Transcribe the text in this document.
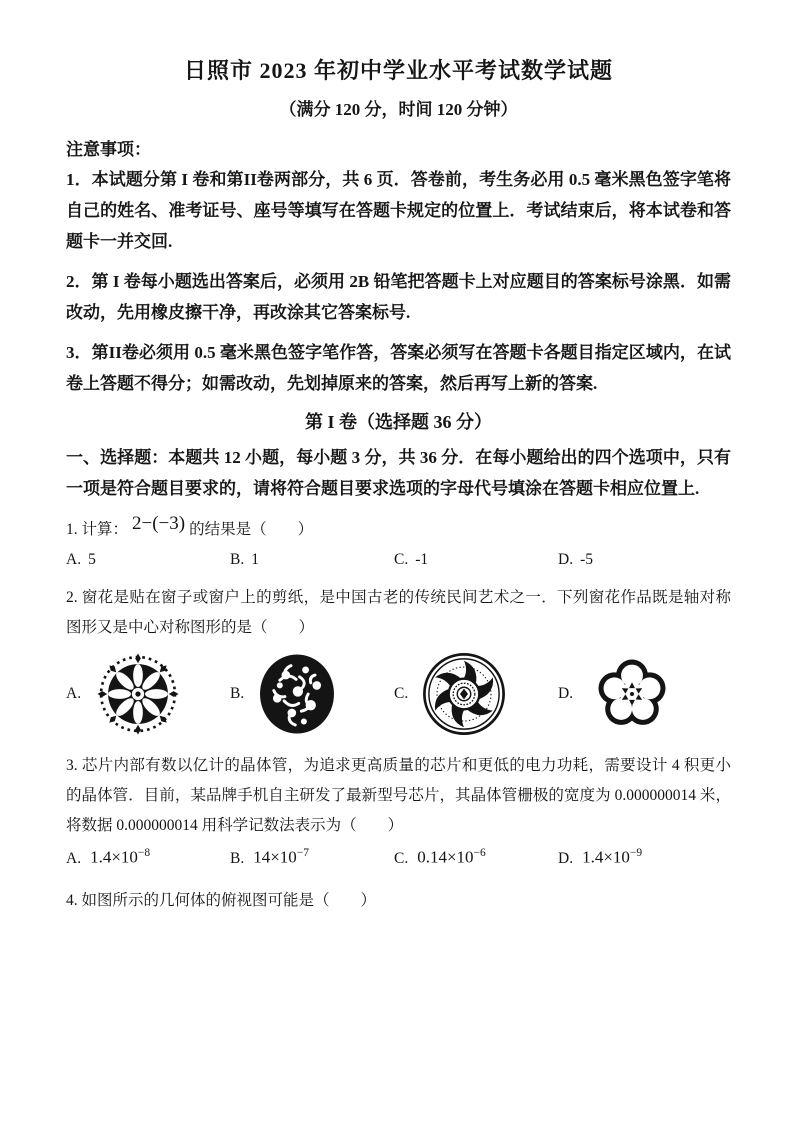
日照市 2023 年初中学业水平考试数学试题
（满分 120 分，时间 120 分钟）
注意事项：

1．本试题分第 I 卷和第II卷两部分，共 6 页．答卷前，考生务必用 0.5 毫米黑色签字笔将自己的姓名、准考证号、座号等填写在答题卡规定的位置上．考试结束后，将本试卷和答题卡一并交回.

2．第 I 卷每小题选出答案后，必须用 2B 铅笔把答题卡上对应题目的答案标号涂黑．如需改动，先用橡皮擦干净，再改涂其它答案标号.

3．第II卷必须用 0.5 毫米黑色签字笔作答，答案必须写在答题卡各题目指定区域内，在试卷上答题不得分；如需改动，先划掉原来的答案，然后再写上新的答案.

第 I 卷（选择题 36 分）

一、选择题：本题共 12 小题，每小题 3 分，共 36 分．在每小题给出的四个选项中，只有一项是符合题目要求的，请将符合题目要求选项的字母代号填涂在答题卡相应位置上.

1. 计算： 2−(−3) 的结果是（　　）

A. 5	B. 1	C. -1	D. -5

2. 窗花是贴在窗子或窗户上的剪纸，是中国古老的传统民间艺术之一．下列窗花作品既是轴对称图形又是中心对称图形的是（　　）

A.	B.	C.	D.

3. 芯片内部有数以亿计的晶体管，为追求更高质量的芯片和更低的电力功耗，需要设计 4 积更小的晶体管．目前，某品牌手机自主研发了最新型号芯片，其晶体管栅极的宽度为 0.000000014 米，将数据 0.000000014 用科学记数法表示为（　　）

A. $1.4\times 10^{-8}$	B. $14\times 10^{-7}$	C. $0.14\times 10^{-6}$	D. $1.4\times 10^{-9}$

4. 如图所示的几何体的俯视图可能是（　　）
